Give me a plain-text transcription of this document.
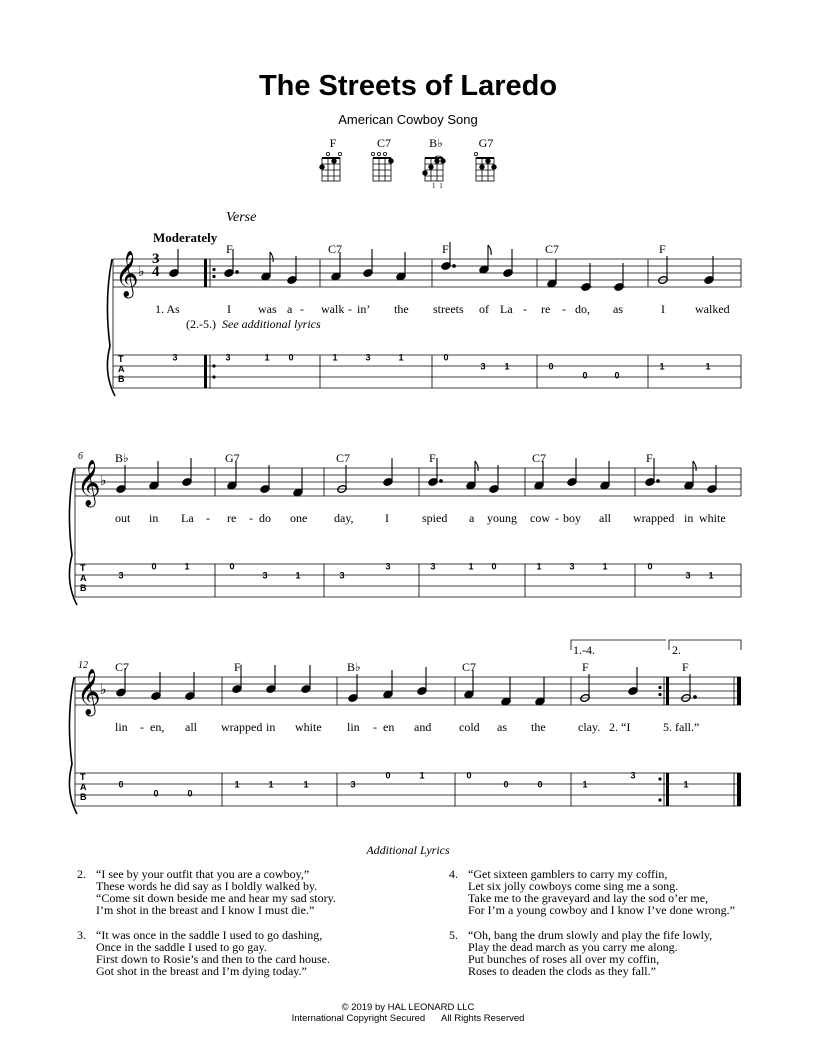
The Streets of Laredo
American Cowboy Song
F	C7	B♭	G7
1 1
Verse
Moderately
6
12
F	C7	F	C7	F
B♭	G7	C7	F	C7	F
C7	F	B♭	C7	F	F
1.-4.	2.
1. As	I was a - walk - in’ the streets of La - re - do, as	I	walked
(2.-5.) See additional lyrics
out in La - re - do one day,	I	spied a young cow - boy all wrapped in white
lin - en, all wrapped in white lin - en and cold as the	clay. 2. “I	5. fall.”
T
A
B
T
A
B
T
A
B
3
4
3	3	1 0	1	3	1	0
3 1	0
0	0
1	1
3
0	1	0
3	1	3
3	3	1 0	1	3	1	0
3 1
0
0	0
1	1	1	3
0	1	0
0	0	1
3
1
𝄞 ♭
𝄞 ♭
𝄞 ♭
Additional Lyrics
2. “I see by your outfit that you are a cowboy,”
These words he did say as I boldly walked by.
“Come sit down beside me and hear my sad story.
I’m shot in the breast and I know I must die.”
3. “It was once in the saddle I used to go dashing,
Once in the saddle I used to go gay.
First down to Rosie’s and then to the card house.
Got shot in the breast and I’m dying today.”
4. “Get sixteen gamblers to carry my coffin,
Let six jolly cowboys come sing me a song.
Take me to the graveyard and lay the sod o’er me,
For I’m a young cowboy and I know I’ve done wrong.”
5. “Oh, bang the drum slowly and play the fife lowly,
Play the dead march as you carry me along.
Put bunches of roses all over my coffin,
Roses to deaden the clods as they fall.”
© 2019 by HAL LEONARD LLC
International Copyright Secured All Rights Reserved
